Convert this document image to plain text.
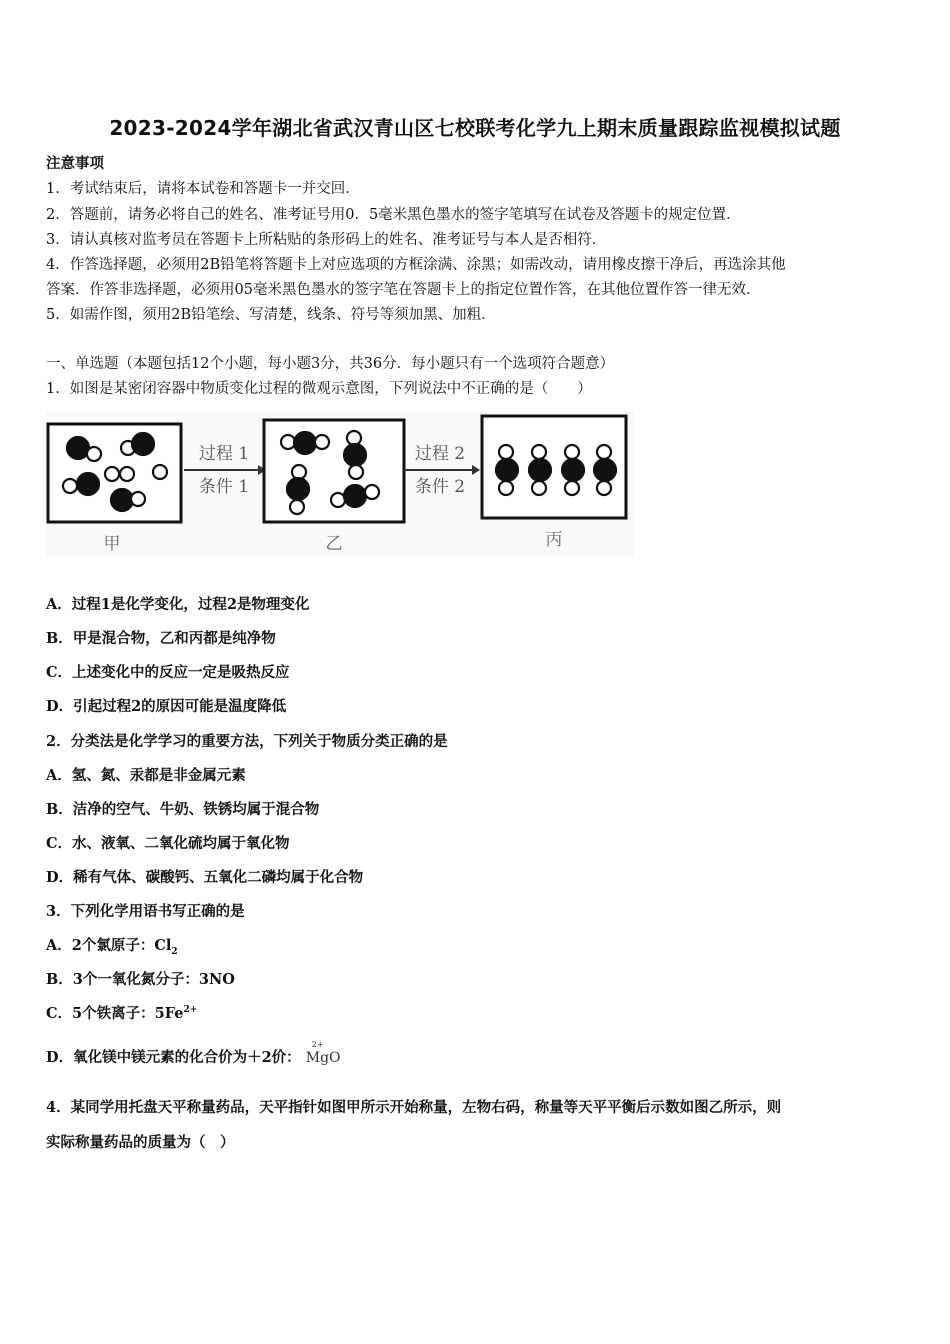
2023-2024学年湖北省武汉青山区七校联考化学九上期末质量跟踪监视模拟试题
注意事项
1．考试结束后，请将本试卷和答题卡一并交回．
2．答题前，请务必将自己的姓名、准考证号用0．5毫米黑色墨水的签字笔填写在试卷及答题卡的规定位置．
3．请认真核对监考员在答题卡上所粘贴的条形码上的姓名、准考证号与本人是否相符．
4．作答选择题，必须用2B铅笔将答题卡上对应选项的方框涂满、涂黑；如需改动，请用橡皮擦干净后，再选涂其他
答案．作答非选择题，必须用05毫米黑色墨水的签字笔在答题卡上的指定位置作答，在其他位置作答一律无效．
5．如需作图，须用2B铅笔绘、写清楚，线条、符号等须加黑、加粗．
一、单选题（本题包括12个小题，每小题3分，共36分．每小题只有一个选项符合题意）
1．如图是某密闭容器中物质变化过程的微观示意图，下列说法中不正确的是（　　）
过程 1
条件 1
过程 2
条件 2
甲	乙	丙
A．过程1是化学变化，过程2是物理变化
B．甲是混合物，乙和丙都是纯净物
C．上述变化中的反应一定是吸热反应
D．引起过程2的原因可能是温度降低
2．分类法是化学学习的重要方法，下列关于物质分类正确的是
A．氢、氮、汞都是非金属元素
B．洁净的空气、牛奶、铁锈均属于混合物
C．水、液氧、二氧化硫均属于氧化物
D．稀有气体、碳酸钙、五氧化二磷均属于化合物
3．下列化学用语书写正确的是
A．2个氯原子：$Cl_2$
B．3个一氧化氮分子：3NO
C．5个铁离子：$5Fe^{2+}$
D．氧化镁中镁元素的化合价为＋2价：
2+
MgO
4．某同学用托盘天平称量药品，天平指针如图甲所示开始称量，左物右码，称量等天平平衡后示数如图乙所示，则
实际称量药品的质量为（　）
